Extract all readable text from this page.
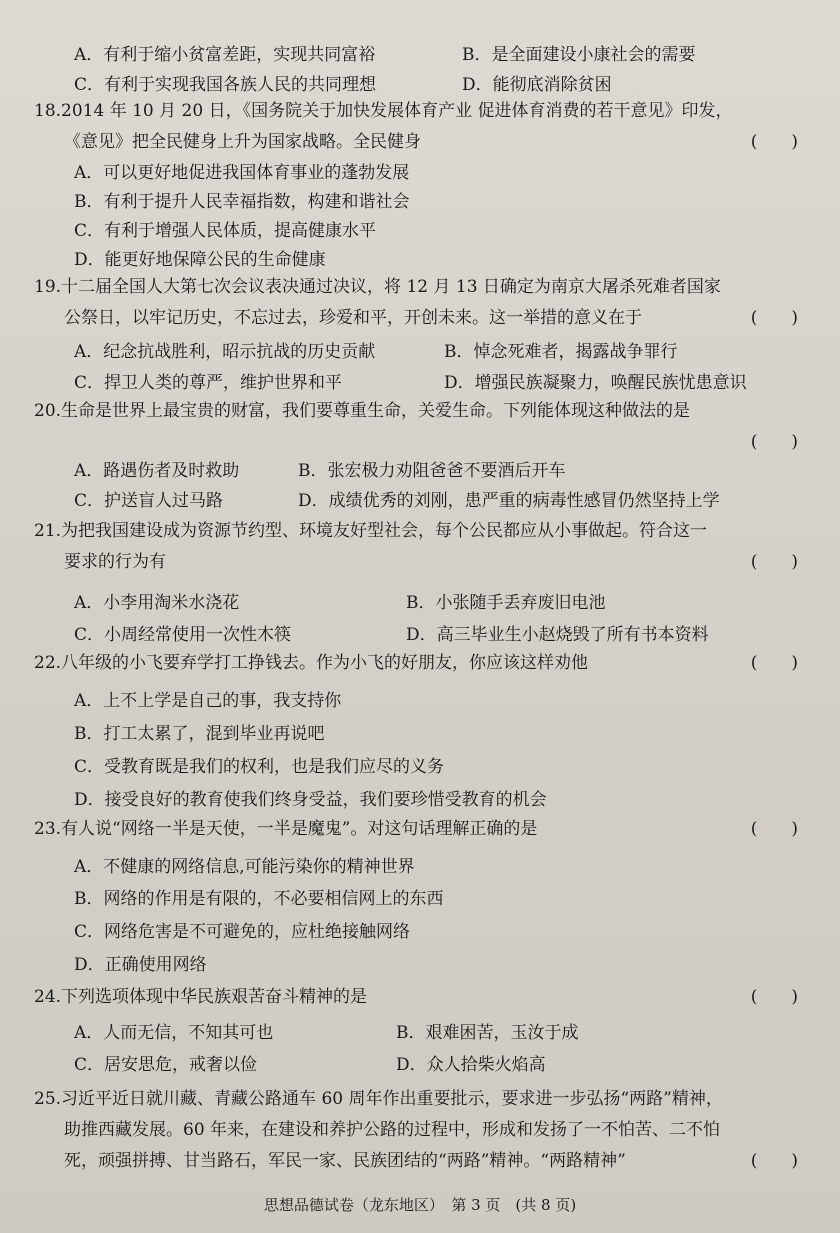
A．有利于缩小贫富差距，实现共同富裕	B．是全面建设小康社会的需要
C．有利于实现我国各族人民的共同理想	D．能彻底消除贫困
18.2014 年 10 月 20 日，《国务院关于加快发展体育产业 促进体育消费的若干意见》印发，
《意见》把全民健身上升为国家战略。全民健身	(　　)
A．可以更好地促进我国体育事业的蓬勃发展
B．有利于提升人民幸福指数，构建和谐社会
C．有利于增强人民体质，提高健康水平
D．能更好地保障公民的生命健康
19.十二届全国人大第七次会议表决通过决议，将 12 月 13 日确定为南京大屠杀死难者国家
公祭日，以牢记历史，不忘过去，珍爱和平，开创未来。这一举措的意义在于	(　　)
A．纪念抗战胜利，昭示抗战的历史贡献	B．悼念死难者，揭露战争罪行
C．捍卫人类的尊严，维护世界和平	D．增强民族凝聚力，唤醒民族忧患意识
20.生命是世界上最宝贵的财富，我们要尊重生命，关爱生命。下列能体现这种做法的是
(　　)
A．路遇伤者及时救助	B．张宏极力劝阻爸爸不要酒后开车
C．护送盲人过马路	D．成绩优秀的刘刚，患严重的病毒性感冒仍然坚持上学
21.为把我国建设成为资源节约型、环境友好型社会，每个公民都应从小事做起。符合这一
要求的行为有	(　　)
A．小李用淘米水浇花	B．小张随手丢弃废旧电池
C．小周经常使用一次性木筷	D．高三毕业生小赵烧毁了所有书本资料
22.八年级的小飞要弃学打工挣钱去。作为小飞的好朋友，你应该这样劝他	(　　)
A．上不上学是自己的事，我支持你
B．打工太累了，混到毕业再说吧
C．受教育既是我们的权利，也是我们应尽的义务
D．接受良好的教育使我们终身受益，我们要珍惜受教育的机会
23.有人说“网络一半是天使，一半是魔鬼”。对这句话理解正确的是	(　　)
A．不健康的网络信息,可能污染你的精神世界
B．网络的作用是有限的，不必要相信网上的东西
C．网络危害是不可避免的，应杜绝接触网络
D．正确使用网络
24.下列选项体现中华民族艰苦奋斗精神的是	(　　)
A．人而无信，不知其可也	B．艰难困苦，玉汝于成
C．居安思危，戒奢以俭	D．众人拾柴火焰高
25.习近平近日就川藏、青藏公路通车 60 周年作出重要批示，要求进一步弘扬“两路”精神，
助推西藏发展。60 年来，在建设和养护公路的过程中，形成和发扬了一不怕苦、二不怕
死，顽强拼搏、甘当路石，军民一家、民族团结的“两路”精神。“两路精神”	(　　)
思想品德试卷（龙东地区）　第 3 页　(共 8 页)
